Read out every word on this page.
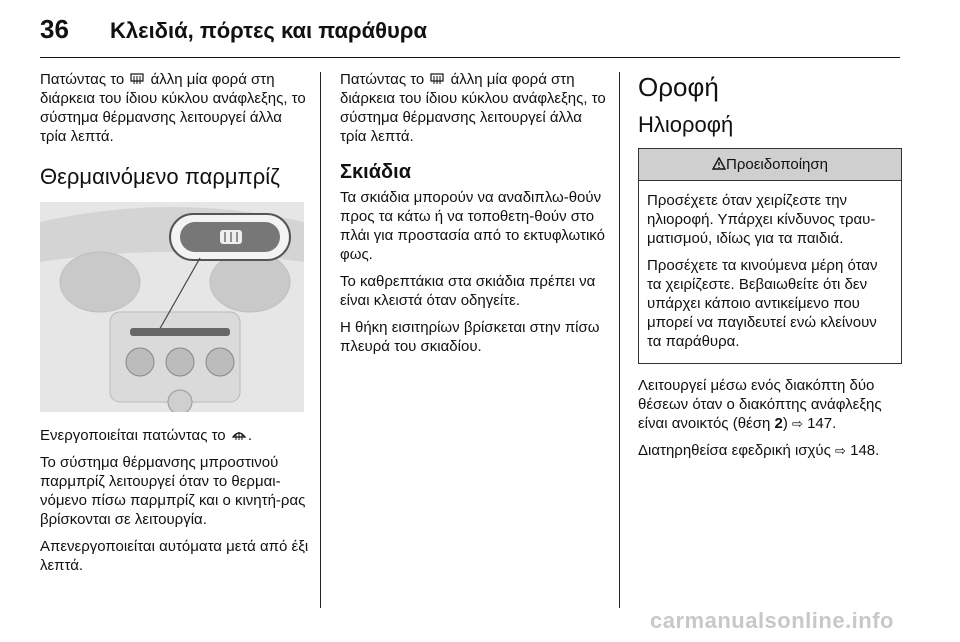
36	Κλειδιά, πόρτες και παράθυρα

Πατώντας το άλλη μία φορά στη διάρκεια του ίδιου κύκλου ανάφλεξης, το σύστημα θέρμανσης λειτουργεί άλλα τρία λεπτά.

Θερμαινόμενο παρμπρίζ

Ενεργοποιείται πατώντας το .

Το σύστημα θέρμανσης μπροστινού παρμπρίζ λειτουργεί όταν το θερμαι-νόμενο πίσω παρμπρίζ και ο κινητή-ρας βρίσκονται σε λειτουργία.

Απενεργοποιείται αυτόματα μετά από έξι λεπτά.

Πατώντας το άλλη μία φορά στη διάρκεια του ίδιου κύκλου ανάφλεξης, το σύστημα θέρμανσης λειτουργεί άλλα τρία λεπτά.

Σκιάδια

Τα σκιάδια μπορούν να αναδιπλω-θούν προς τα κάτω ή να τοποθετη-θούν στο πλάι για προστασία από το εκτυφλωτικό φως.

Το καθρεπτάκια στα σκιάδια πρέπει να είναι κλειστά όταν οδηγείτε.

Η θήκη εισιτηρίων βρίσκεται στην πίσω πλευρά του σκιαδίου.

Οροφή
Ηλιοροφή
Προειδοποίηση

Προσέχετε όταν χειρίζεστε την ηλιοροφή. Υπάρχει κίνδυνος τραυ-ματισμού, ιδίως για τα παιδιά.

Προσέχετε τα κινούμενα μέρη όταν τα χειρίζεστε. Βεβαιωθείτε ότι δεν υπάρχει κάποιο αντικείμενο που μπορεί να παγιδευτεί ενώ κλείνουν τα παράθυρα.

Λειτουργεί μέσω ενός διακόπτη δύο θέσεων όταν ο διακόπτης ανάφλεξης είναι ανοικτός (θέση 2) ⇨ 147.

Διατηρηθείσα εφεδρική ισχύς ⇨ 148.

carmanualsonline.info
